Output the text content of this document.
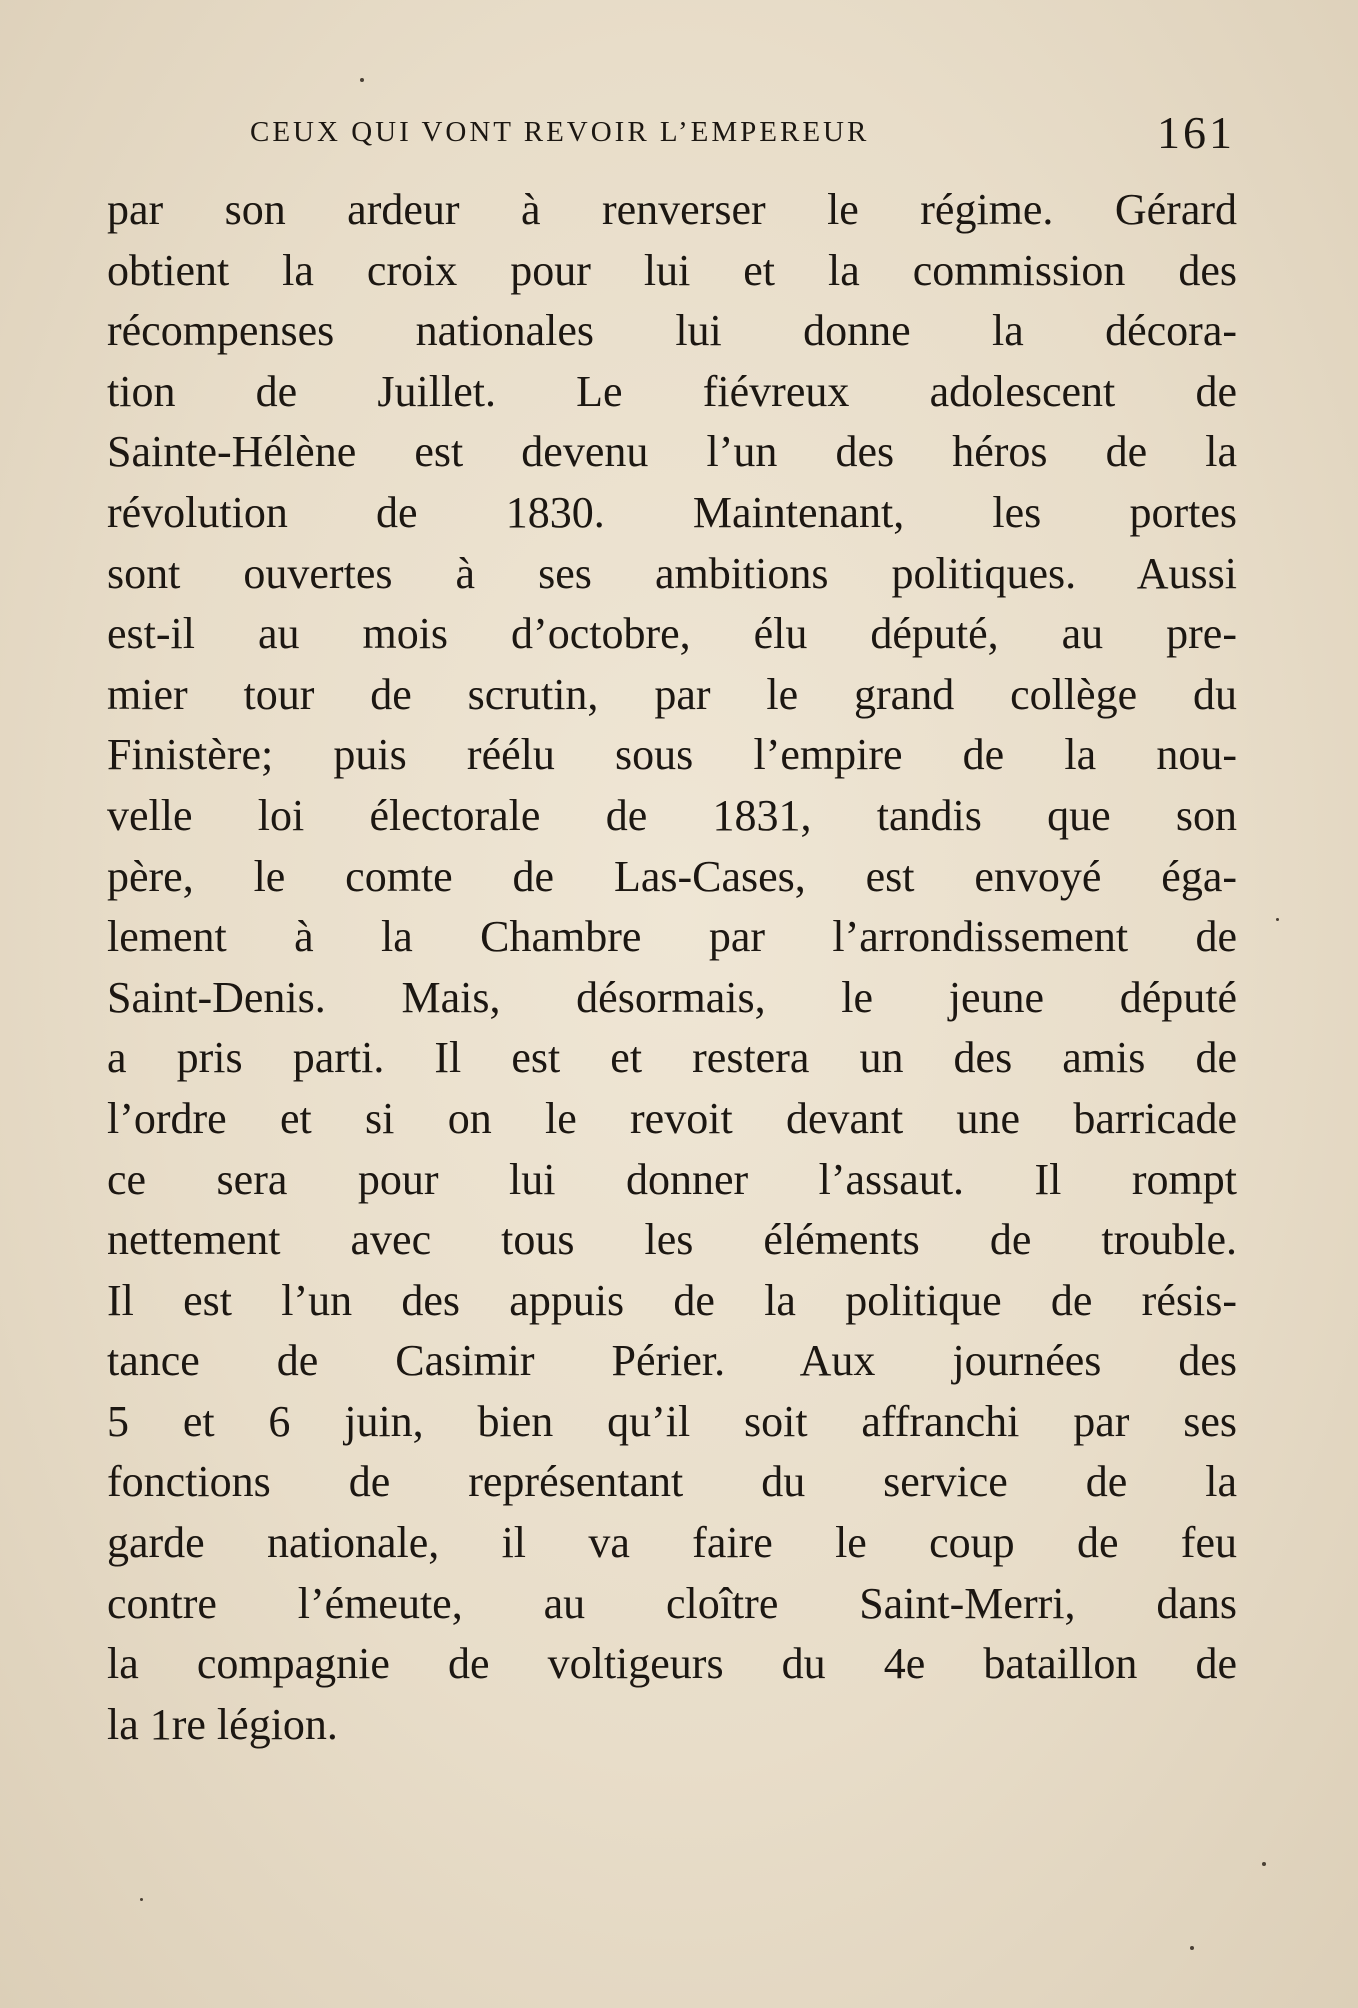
CEUX QUI VONT REVOIR L’EMPEREUR	161
par son ardeur à renverser le régime. Gérard
obtient la croix pour lui et la commission des
récompenses nationales lui donne la décora-
tion de Juillet. Le fiévreux adolescent de
Sainte-Hélène est devenu l’un des héros de la
révolution de 1830. Maintenant, les portes
sont ouvertes à ses ambitions politiques. Aussi
est-il au mois d’octobre, élu député, au pre-
mier tour de scrutin, par le grand collège du
Finistère; puis réélu sous l’empire de la nou-
velle loi électorale de 1831, tandis que son
père, le comte de Las-Cases, est envoyé éga-
lement à la Chambre par l’arrondissement de
Saint-Denis. Mais, désormais, le jeune député
a pris parti. Il est et restera un des amis de
l’ordre et si on le revoit devant une barricade
ce sera pour lui donner l’assaut. Il rompt
nettement avec tous les éléments de trouble.
Il est l’un des appuis de la politique de résis-
tance de Casimir Périer. Aux journées des
5 et 6 juin, bien qu’il soit affranchi par ses
fonctions de représentant du service de la
garde nationale, il va faire le coup de feu
contre l’émeute, au cloître Saint-Merri, dans
la compagnie de voltigeurs du 4e bataillon de
la 1re légion.
